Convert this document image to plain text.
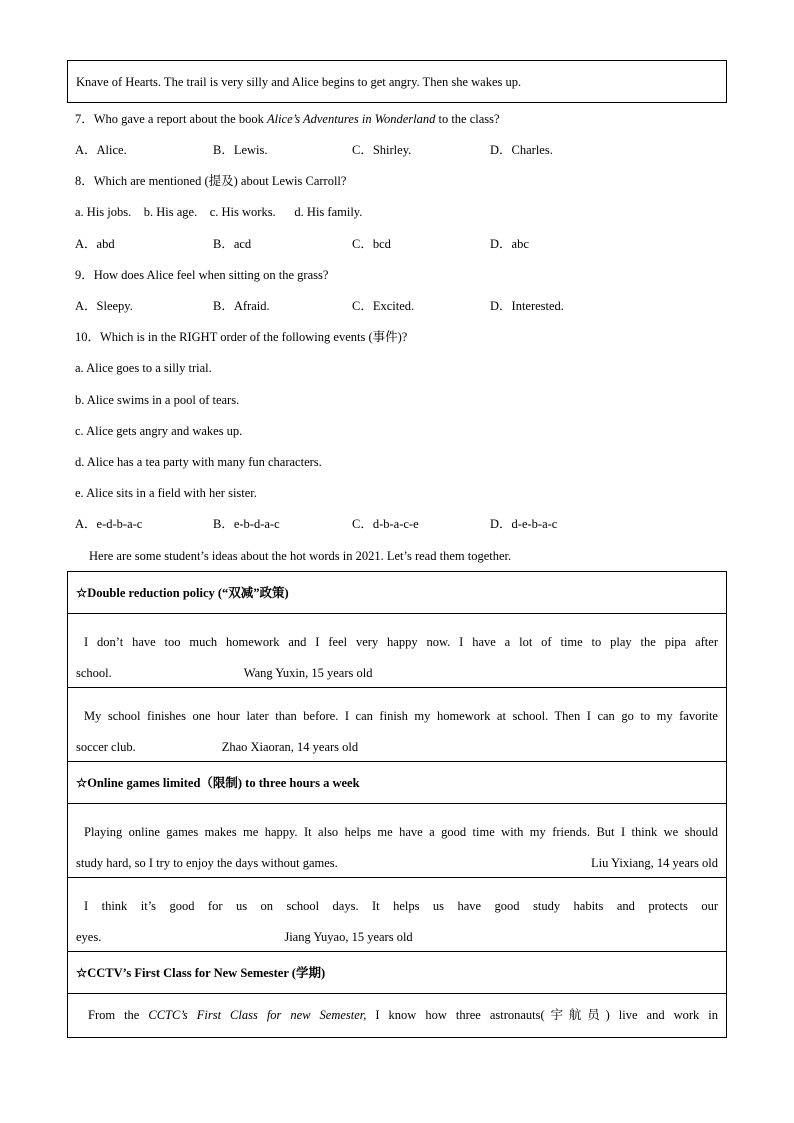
Knave of Hearts. The trail is very silly and Alice begins to get angry. Then she wakes up.
7．Who gave a report about the book Alice’s Adventures in Wonderland to the class?
A．Alice.	B．Lewis.	C．Shirley.	D．Charles.
8．Which are mentioned (提及) about Lewis Carroll?
a. His jobs.    b. His age.    c. His works.      d. His family.
A．abd	B．acd	C．bcd	D．abc
9．How does Alice feel when sitting on the grass?
A．Sleepy.	B．Afraid.	C．Excited.	D．Interested.
10．Which is in the RIGHT order of the following events (事件)?
a. Alice goes to a silly trial.
b. Alice swims in a pool of tears.
c. Alice gets angry and wakes up.
d. Alice has a tea party with many fun characters.
e. Alice sits in a field with her sister.
A．e-d-b-a-c	B．e-b-d-a-c	C．d-b-a-c-e	D．d-e-b-a-c
Here are some student’s ideas about the hot words in 2021. Let’s read them together.
☆Double reduction policy (“双减”政策)
I don’t have too much homework and I feel very happy now. I have a lot of time to play the pipa after
school.	Wang Yuxin, 15 years old
My school finishes one hour later than before. I can finish my homework at school. Then I can go to my favorite
soccer club.	Zhao Xiaoran, 14 years old
☆Online games limited（限制) to three hours a week
Playing online games makes me happy. It also helps me have a good time with my friends. But I think we should
study hard, so I try to enjoy the days without games.	Liu Yixiang, 14 years old
I think it’s good for us on school days. It helps us have good study habits and protects our
eyes.	Jiang Yuyao, 15 years old
☆CCTV’s First Class for New Semester (学期)
From the CCTC’s First Class for new Semester, I know how three astronauts(宇航员) live and work in
